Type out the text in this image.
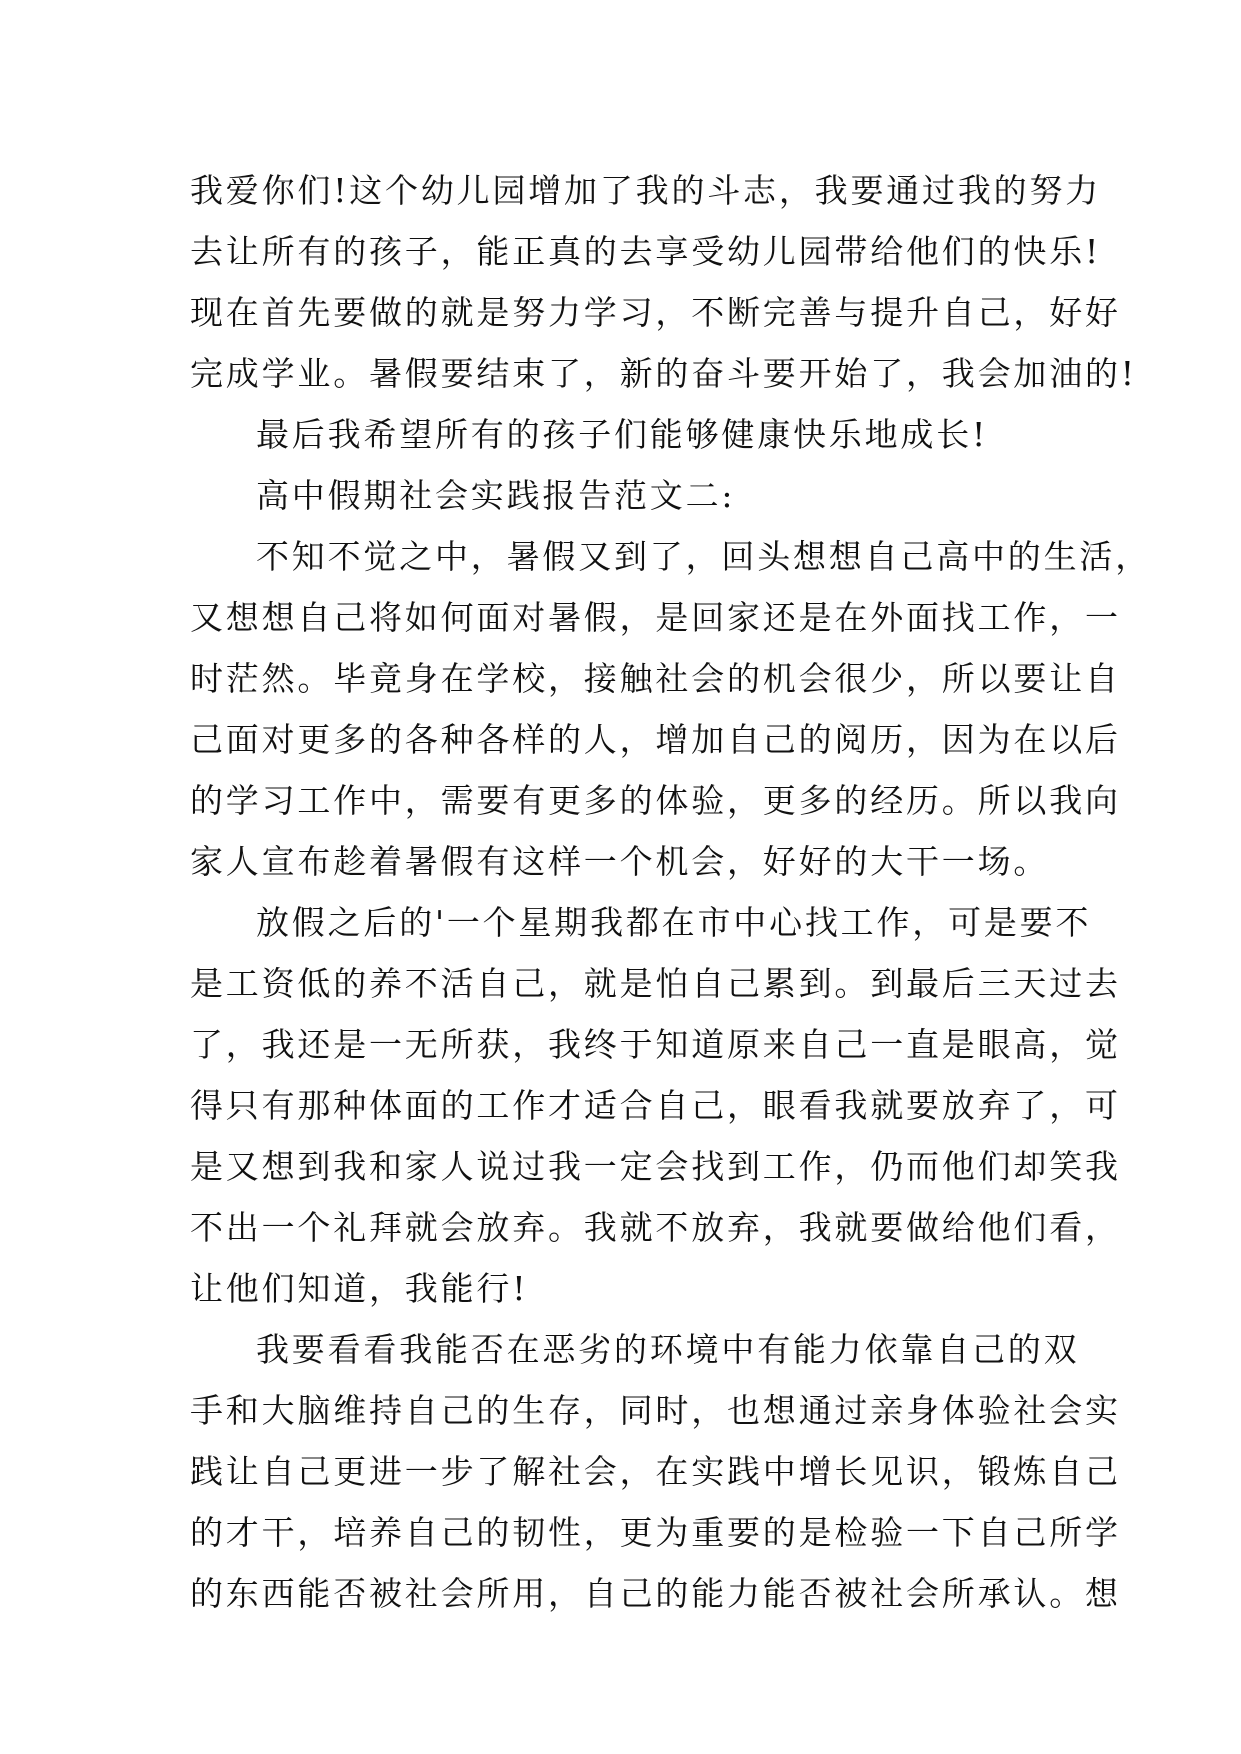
我爱你们!这个幼儿园增加了我的斗志，我要通过我的努力
去让所有的孩子，能正真的去享受幼儿园带给他们的快乐!
现在首先要做的就是努力学习，不断完善与提升自己，好好
完成学业。暑假要结束了，新的奋斗要开始了，我会加油的!
最后我希望所有的孩子们能够健康快乐地成长!
高中假期社会实践报告范文二:
不知不觉之中，暑假又到了，回头想想自己高中的生活，
又想想自己将如何面对暑假，是回家还是在外面找工作，一
时茫然。毕竟身在学校，接触社会的机会很少，所以要让自
己面对更多的各种各样的人，增加自己的阅历，因为在以后
的学习工作中，需要有更多的体验，更多的经历。所以我向
家人宣布趁着暑假有这样一个机会，好好的大干一场。
放假之后的'一个星期我都在市中心找工作，可是要不
是工资低的养不活自己，就是怕自己累到。到最后三天过去
了，我还是一无所获，我终于知道原来自己一直是眼高，觉
得只有那种体面的工作才适合自己，眼看我就要放弃了，可
是又想到我和家人说过我一定会找到工作，仍而他们却笑我
不出一个礼拜就会放弃。我就不放弃，我就要做给他们看，
让他们知道，我能行!
我要看看我能否在恶劣的环境中有能力依靠自己的双
手和大脑维持自己的生存，同时，也想通过亲身体验社会实
践让自己更进一步了解社会，在实践中增长见识，锻炼自己
的才干，培养自己的韧性，更为重要的是检验一下自己所学
的东西能否被社会所用，自己的能力能否被社会所承认。想
